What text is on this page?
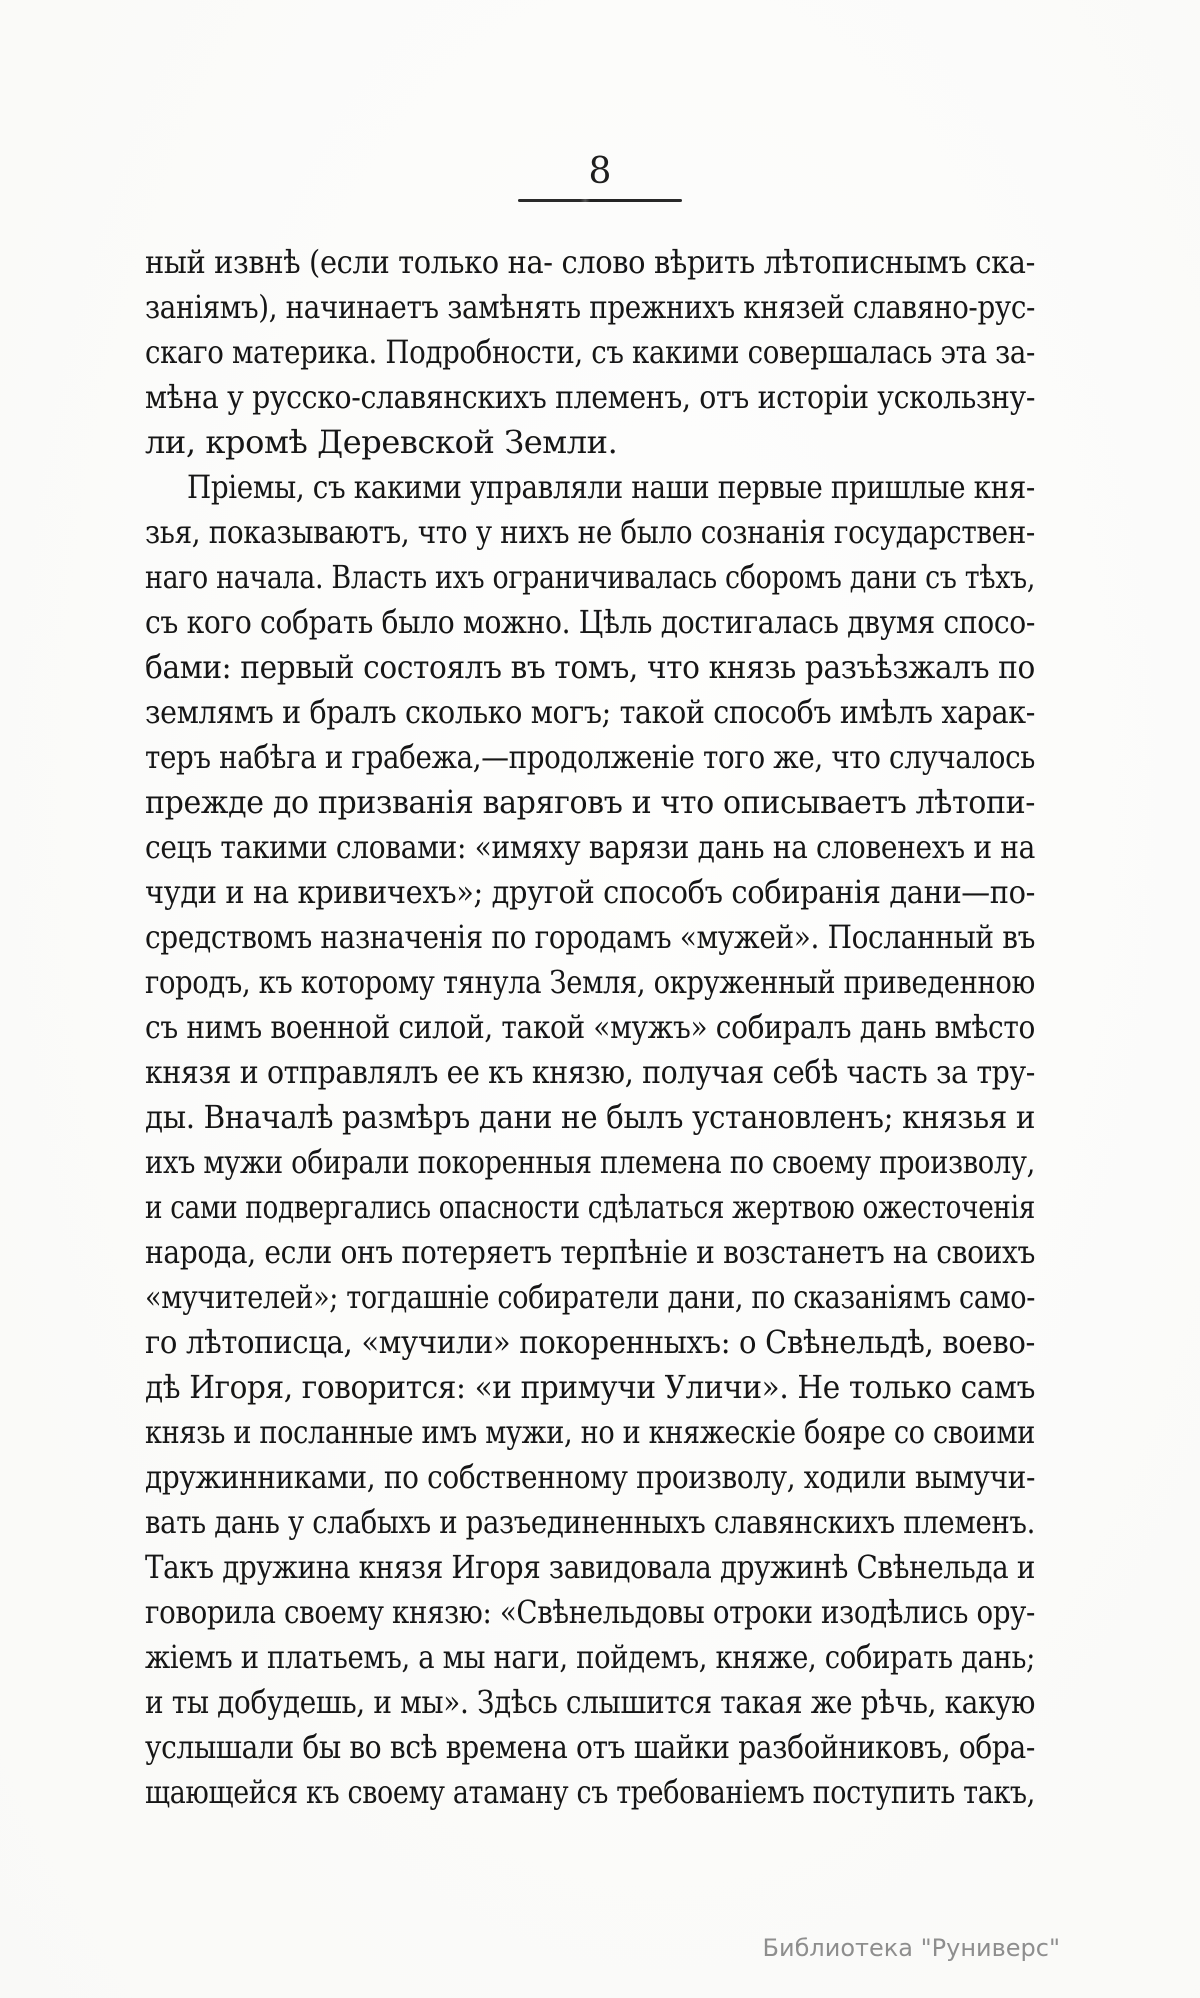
8
ный извнѣ (если только на- слово вѣрить лѣтописнымъ ска-
заніямъ), начинаетъ замѣнять прежнихъ князей славяно-рус-
скаго материка. Подробности, съ какими совершалась эта за-
мѣна у русско-славянскихъ племенъ, отъ исторіи ускользну-
ли, кромѣ Деревской Земли.
Пріемы, съ какими управляли наши первые пришлые кня-
зья, показываютъ, что у нихъ не было сознанія государствен-
наго начала. Власть ихъ ограничивалась сборомъ дани съ тѣхъ,
съ кого собрать было можно. Цѣль достигалась двумя спосо-
бами: первый состоялъ въ томъ, что князь разъѣзжалъ по
землямъ и бралъ сколько могъ; такой способъ имѣлъ харак-
теръ набѣга и грабежа,—продолженіе того же, что случалось
прежде до призванія варяговъ и что описываетъ лѣтопи-
сецъ такими словами: «имяху варязи дань на словенехъ и на
чуди и на кривичехъ»; другой способъ собиранія дани—по-
средствомъ назначенія по городамъ «мужей». Посланный въ
городъ, къ которому тянула Земля, окруженный приведенною
съ нимъ военной силой, такой «мужъ» собиралъ дань вмѣсто
князя и отправлялъ ее къ князю, получая себѣ часть за тру-
ды. Вначалѣ размѣръ дани не былъ установленъ; князья и
ихъ мужи обирали покоренныя племена по своему произволу,
и сами подвергались опасности сдѣлаться жертвою ожесточенія
народа, если онъ потеряетъ терпѣніе и возстанетъ на своихъ
«мучителей»; тогдашніе собиратели дани, по сказаніямъ само-
го лѣтописца, «мучили» покоренныхъ: о Свѣнельдѣ, воево-
дѣ Игоря, говорится: «и примучи Уличи». Не только самъ
князь и посланные имъ мужи, но и княжескіе бояре со своими
дружинниками, по собственному произволу, ходили вымучи-
вать дань у слабыхъ и разъединенныхъ славянскихъ племенъ.
Такъ дружина князя Игоря завидовала дружинѣ Свѣнельда и
говорила своему князю: «Свѣнельдовы отроки изодѣлись ору-
жіемъ и платьемъ, а мы наги, пойдемъ, княже, собирать дань;
и ты добудешь, и мы». Здѣсь слышится такая же рѣчь, какую
услышали бы во всѣ времена отъ шайки разбойниковъ, обра-
щающейся къ своему атаману съ требованіемъ поступить такъ,
Библиотека "Руниверс"
